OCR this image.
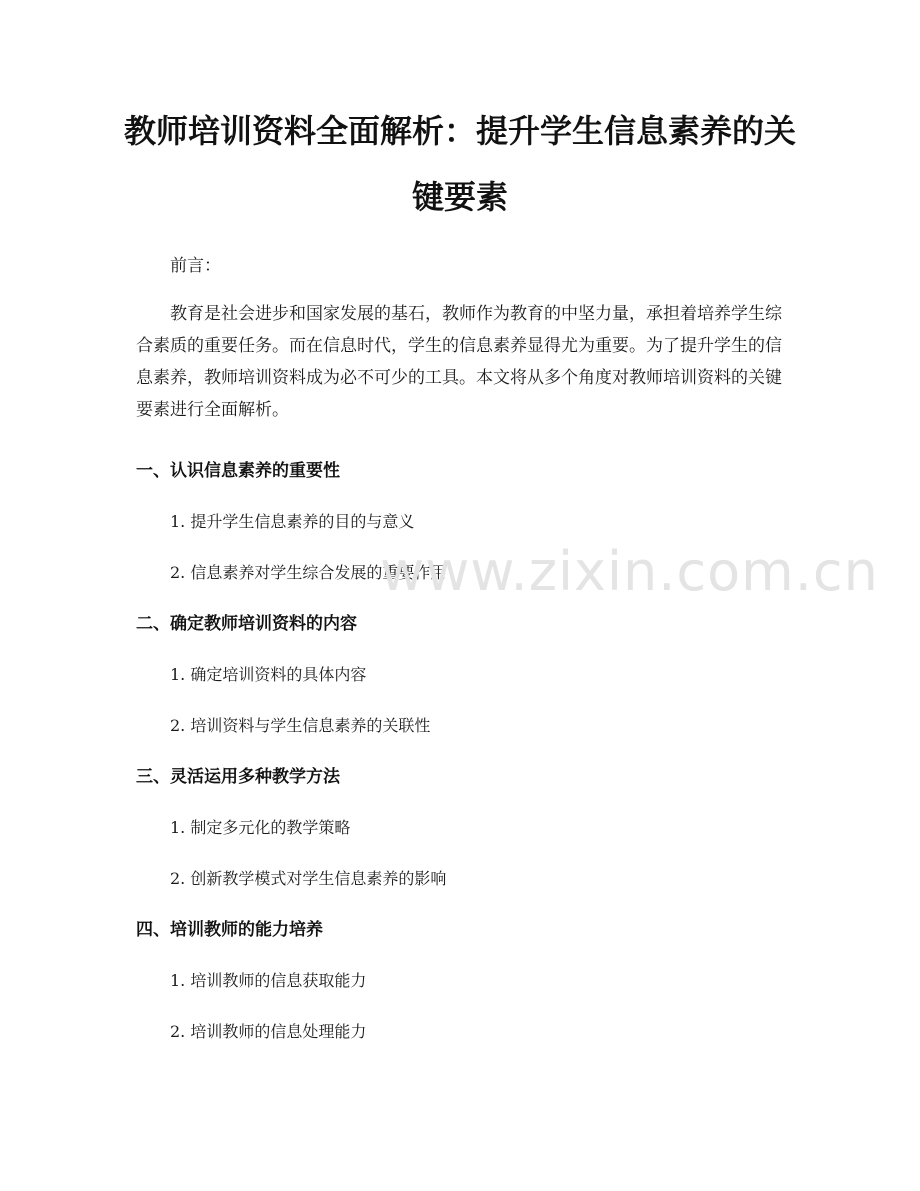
教师培训资料全面解析：提升学生信息素养的关键要素

前言：

教育是社会进步和国家发展的基石，教师作为教育的中坚力量，承担着培养学生综合素质的重要任务。而在信息时代，学生的信息素养显得尤为重要。为了提升学生的信息素养，教师培训资料成为必不可少的工具。本文将从多个角度对教师培训资料的关键要素进行全面解析。

一、认识信息素养的重要性

1. 提升学生信息素养的目的与意义

2. 信息素养对学生综合发展的重要作用

二、确定教师培训资料的内容

1. 确定培训资料的具体内容

2. 培训资料与学生信息素养的关联性

三、灵活运用多种教学方法

1. 制定多元化的教学策略

2. 创新教学模式对学生信息素养的影响

四、培训教师的能力培养

1. 培训教师的信息获取能力

2. 培训教师的信息处理能力

www.zixin.com.cn
